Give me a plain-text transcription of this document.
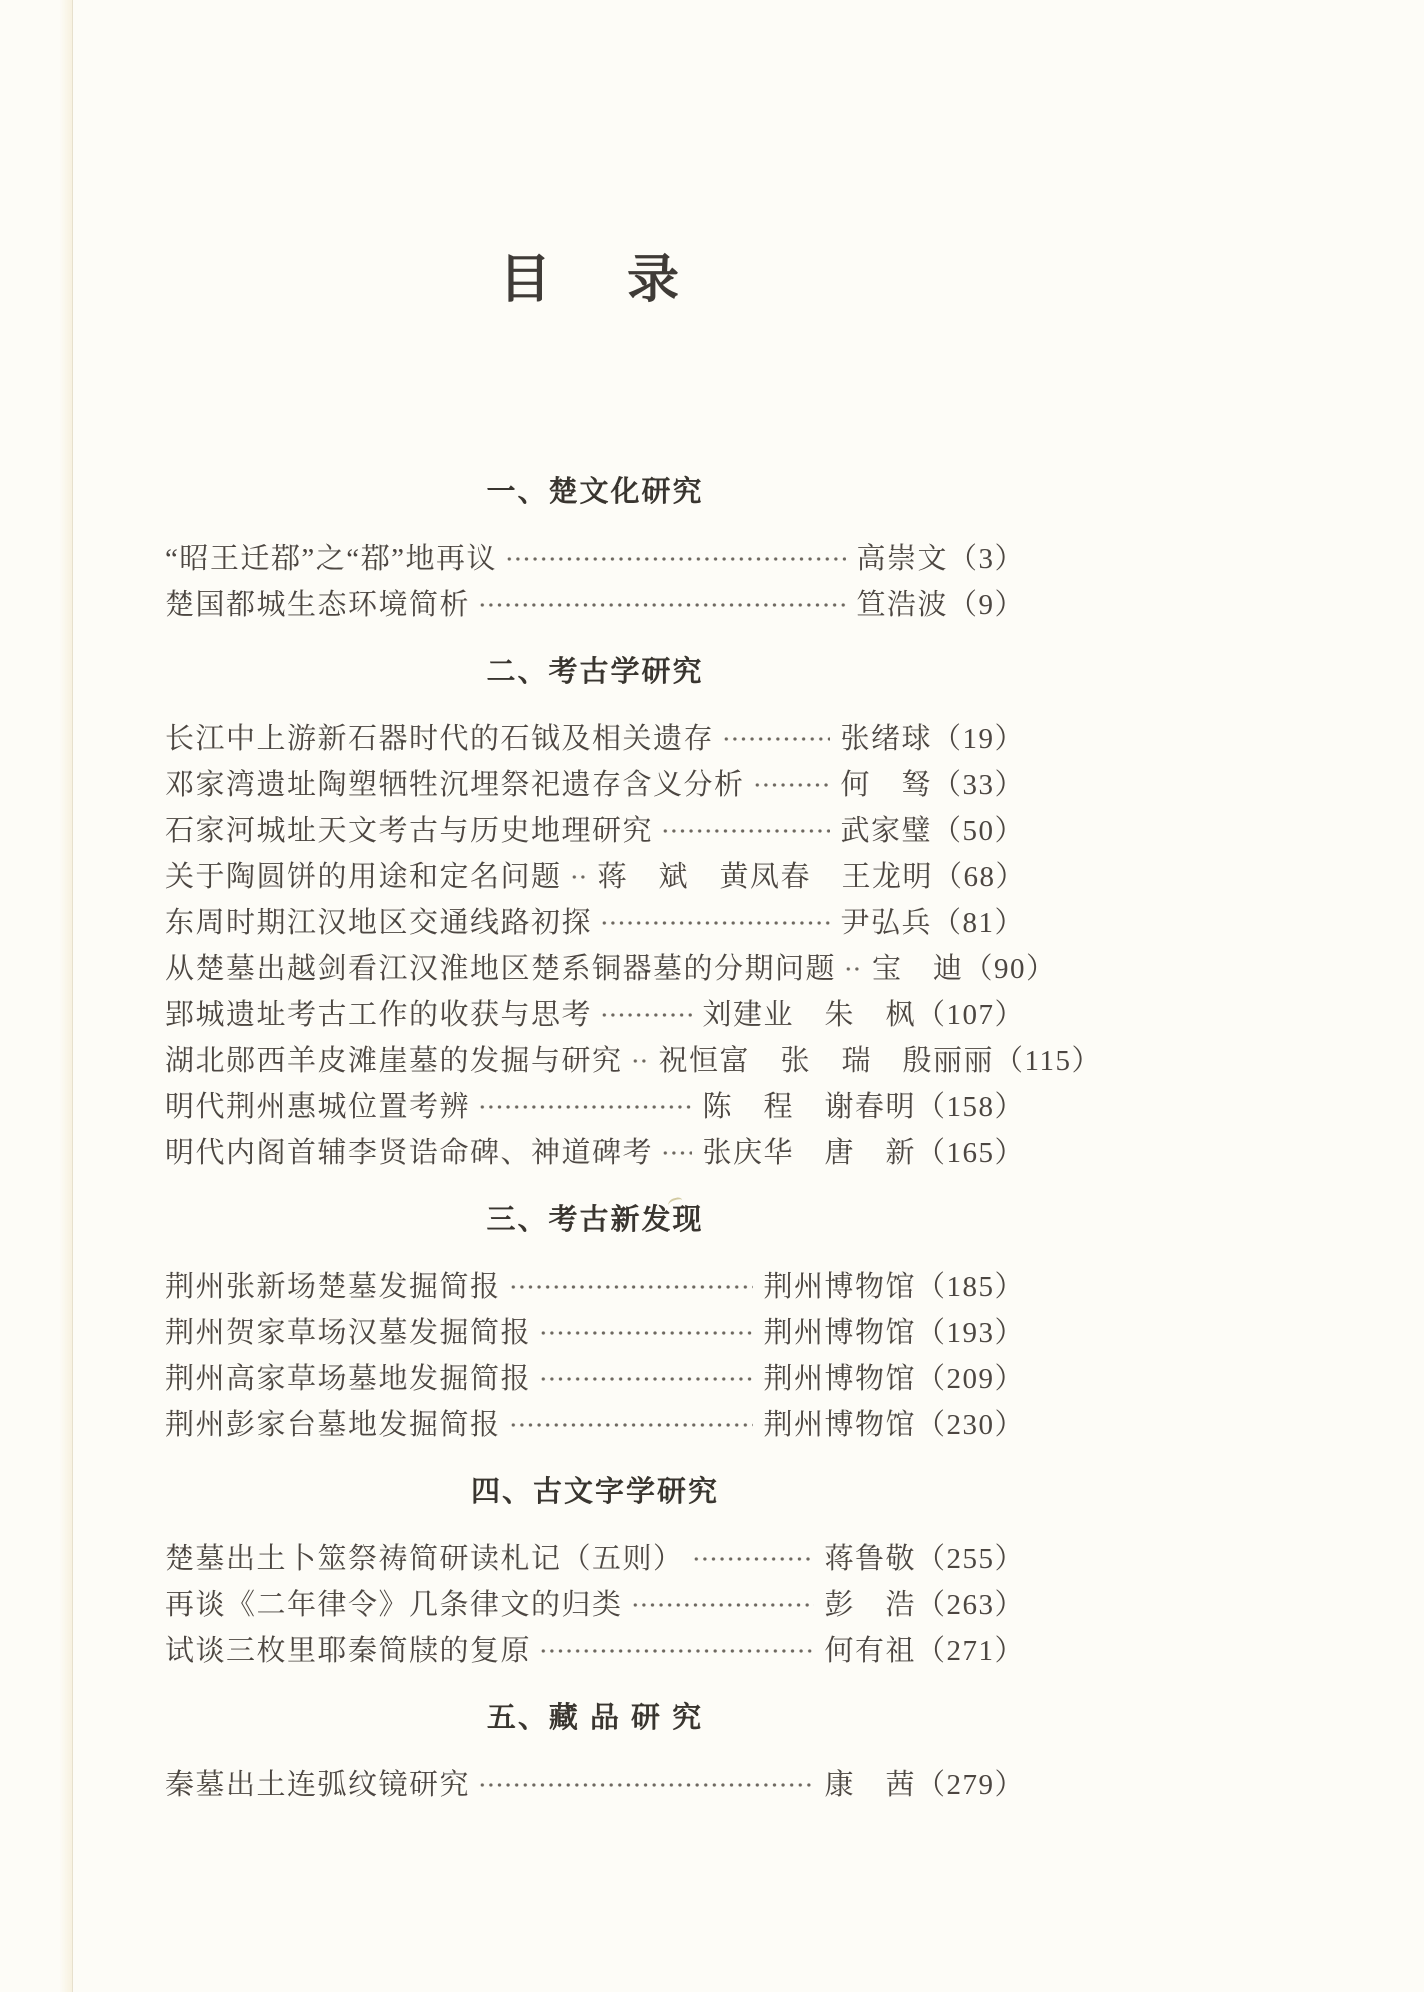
目　录
一、楚文化研究
“昭王迁鄀”之“鄀”地再议	高崇文 （3）
楚国都城生态环境简析	笪浩波 （9）
二、考古学研究
长江中上游新石器时代的石钺及相关遗存	张绪球 （19）
邓家湾遗址陶塑牺牲沉埋祭祀遗存含义分析	何　驽 （33）
石家河城址天文考古与历史地理研究	武家璧 （50）
关于陶圆饼的用途和定名问题 蒋　斌　黄凤春　王龙明 （68）
东周时期江汉地区交通线路初探	尹弘兵 （81）
从楚墓出越剑看江汉淮地区楚系铜器墓的分期问题 宝　迪 （90）
郢城遗址考古工作的收获与思考	刘建业　朱　枫 （107）
湖北郧西羊皮滩崖墓的发掘与研究 祝恒富　张　瑞　殷丽丽 （115）
明代荆州惠城位置考辨	陈　程　谢春明 （158）
明代内阁首辅李贤诰命碑、神道碑考 张庆华　唐　新 （165）
三、考古新发现
荆州张新场楚墓发掘简报	荆州博物馆 （185）
荆州贺家草场汉墓发掘简报	荆州博物馆 （193）
荆州高家草场墓地发掘简报	荆州博物馆 （209）
荆州彭家台墓地发掘简报	荆州博物馆 （230）
四、古文字学研究
楚墓出土卜筮祭祷简研读札记（五则）	蒋鲁敬 （255）
再谈《二年律令》几条律文的归类	彭　浩 （263）
试谈三枚里耶秦简牍的复原	何有祖 （271）
五、藏 品 研 究
秦墓出土连弧纹镜研究	康　茜 （279）
